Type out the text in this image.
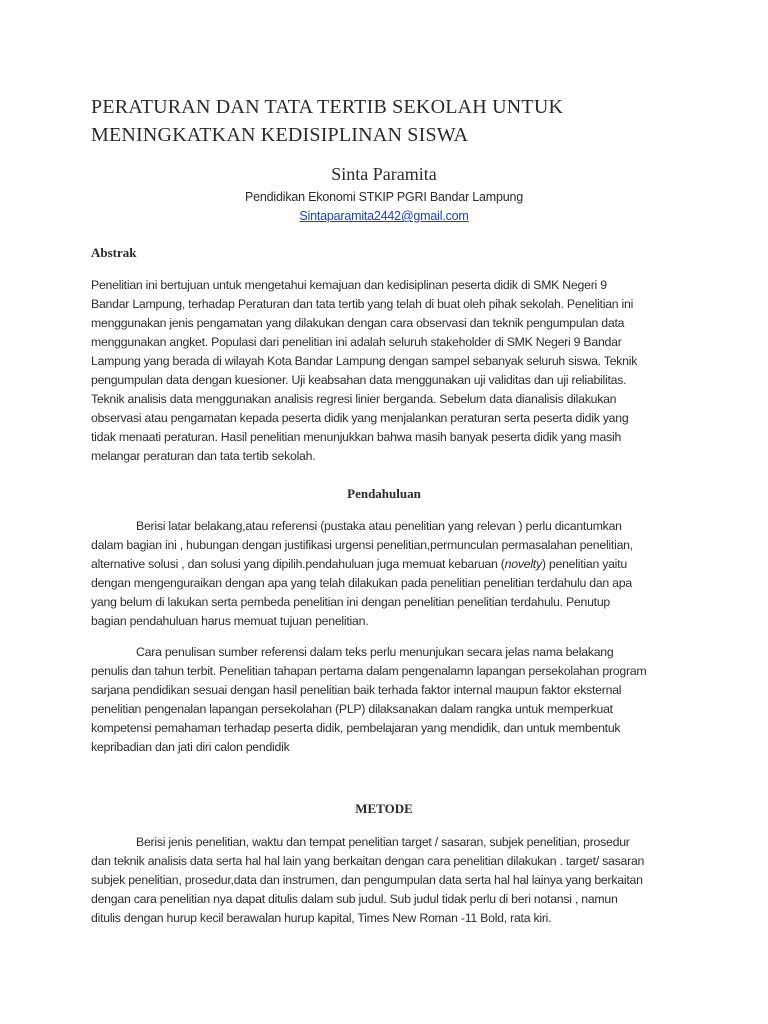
PERATURAN DAN TATA TERTIB SEKOLAH UNTUK
MENINGKATKAN KEDISIPLINAN SISWA

Sinta Paramita

Pendidikan Ekonomi STKIP PGRI Bandar Lampung

Sintaparamita2442@gmail.com

Abstrak

Penelitian ini bertujuan untuk mengetahui kemajuan dan kedisiplinan peserta didik di SMK Negeri 9
Bandar Lampung, terhadap Peraturan dan tata tertib yang telah di buat oleh pihak sekolah. Penelitian ini
menggunakan jenis pengamatan yang dilakukan dengan cara observasi dan teknik pengumpulan data
menggunakan angket. Populasi dari penelitian ini adalah seluruh stakeholder di SMK Negeri 9 Bandar
Lampung yang berada di wilayah Kota Bandar Lampung dengan sampel sebanyak seluruh siswa. Teknik
pengumpulan data dengan kuesioner. Uji keabsahan data menggunakan uji validitas dan uji reliabilitas.
Teknik analisis data menggunakan analisis regresi linier berganda. Sebelum data dianalisis dilakukan
observasi atau pengamatan kepada peserta didik yang menjalankan peraturan serta peserta didik yang
tidak menaati peraturan. Hasil penelitian menunjukkan bahwa masih banyak peserta didik yang masih
melangar peraturan dan tata tertib sekolah.

Pendahuluan

Berisi latar belakang,atau referensi (pustaka atau penelitian yang relevan ) perlu dicantumkan
dalam bagian ini , hubungan dengan justifikasi urgensi penelitian,permunculan permasalahan penelitian,
alternative solusi , dan solusi yang dipilih.pendahuluan juga memuat kebaruan (novelty) penelitian yaitu
dengan mengenguraikan dengan apa yang telah dilakukan pada penelitian penelitian terdahulu dan apa
yang belum di lakukan serta pembeda penelitian ini dengan penelitian penelitian terdahulu. Penutup
bagian pendahuluan harus memuat tujuan penelitian.

Cara penulisan sumber referensi dalam teks perlu menunjukan secara jelas nama belakang
penulis dan tahun terbit. Penelitian tahapan pertama dalam pengenalamn lapangan persekolahan program
sarjana pendidikan sesuai dengan hasil penelitian baik terhada faktor internal maupun faktor eksternal
penelitian pengenalan lapangan persekolahan (PLP) dilaksanakan dalam rangka untuk memperkuat
kompetensi pemahaman terhadap peserta didik, pembelajaran yang mendidik, dan untuk membentuk
kepribadian dan jati diri calon pendidik

METODE

Berisi jenis penelitian, waktu dan tempat penelitian target / sasaran, subjek penelitian, prosedur
dan teknik analisis data serta hal hal lain yang berkaitan dengan cara penelitian dilakukan . target/ sasaran
subjek penelitian, prosedur,data dan instrumen, dan pengumpulan data serta hal hal lainya yang berkaitan
dengan cara penelitian nya dapat ditulis dalam sub judul. Sub judul tidak perlu di beri notansi , namun
ditulis dengan hurup kecil berawalan hurup kapital, Times New Roman -11 Bold, rata kiri.
